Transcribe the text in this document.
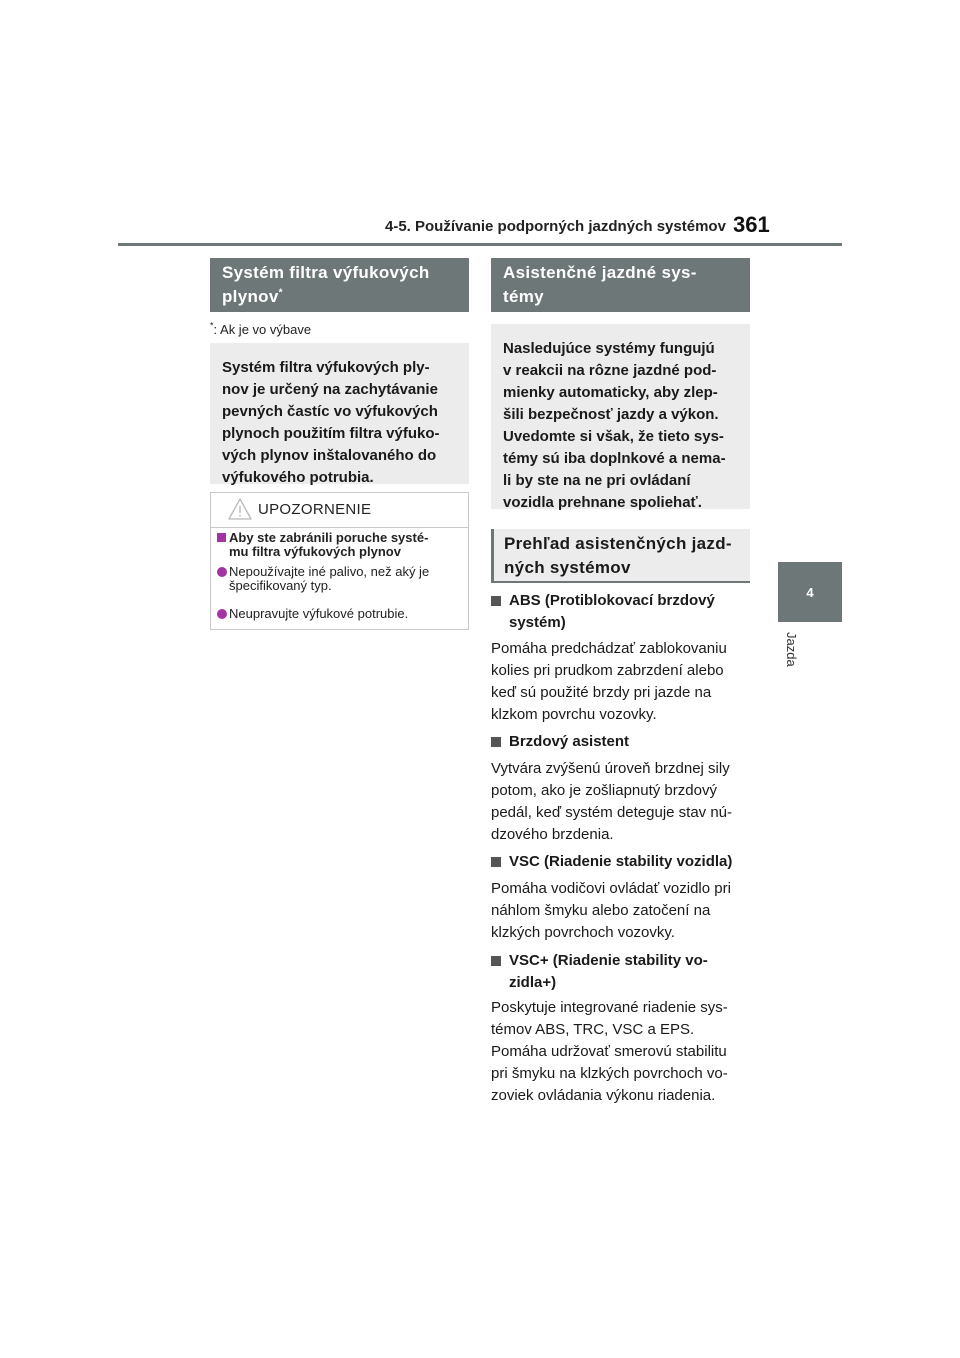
4-5. Používanie podporných jazdných systémov 361
4
Jazda
Systém filtra výfukových plynov*
*: Ak je vo výbave
Systém filtra výfukových ply-
nov je určený na zachytávanie
pevných častíc vo výfukových
plynoch použitím filtra výfuko-
vých plynov inštalovaného do
výfukového potrubia.
UPOZORNENIE
Aby ste zabránili poruche systé-
mu filtra výfukových plynov
Nepoužívajte iné palivo, než aký je
špecifikovaný typ.
Neupravujte výfukové potrubie.
Asistenčné jazdné sys-
témy
Nasledujúce systémy fungujú
v reakcii na rôzne jazdné pod-
mienky automaticky, aby zlep-
šili bezpečnosť jazdy a výkon.
Uvedomte si však, že tieto sys-
témy sú iba doplnkové a nema-
li by ste na ne pri ovládaní
vozidla prehnane spoliehať.
Prehľad asistenčných jazd-
ných systémov
ABS (Protiblokovací brzdový
systém)
Pomáha predchádzať zablokovaniu
kolies pri prudkom zabrzdení alebo
keď sú použité brzdy pri jazde na
klzkom povrchu vozovky.
Brzdový asistent
Vytvára zvýšenú úroveň brzdnej sily
potom, ako je zošliapnutý brzdový
pedál, keď systém deteguje stav nú-
dzového brzdenia.
VSC (Riadenie stability vozidla)
Pomáha vodičovi ovládať vozidlo pri
náhlom šmyku alebo zatočení na
klzkých povrchoch vozovky.
VSC+ (Riadenie stability vo-
zidla+)
Poskytuje integrované riadenie sys-
témov ABS, TRC, VSC a EPS.
Pomáha udržovať smerovú stabilitu
pri šmyku na klzkých povrchoch vo-
zoviek ovládania výkonu riadenia.
